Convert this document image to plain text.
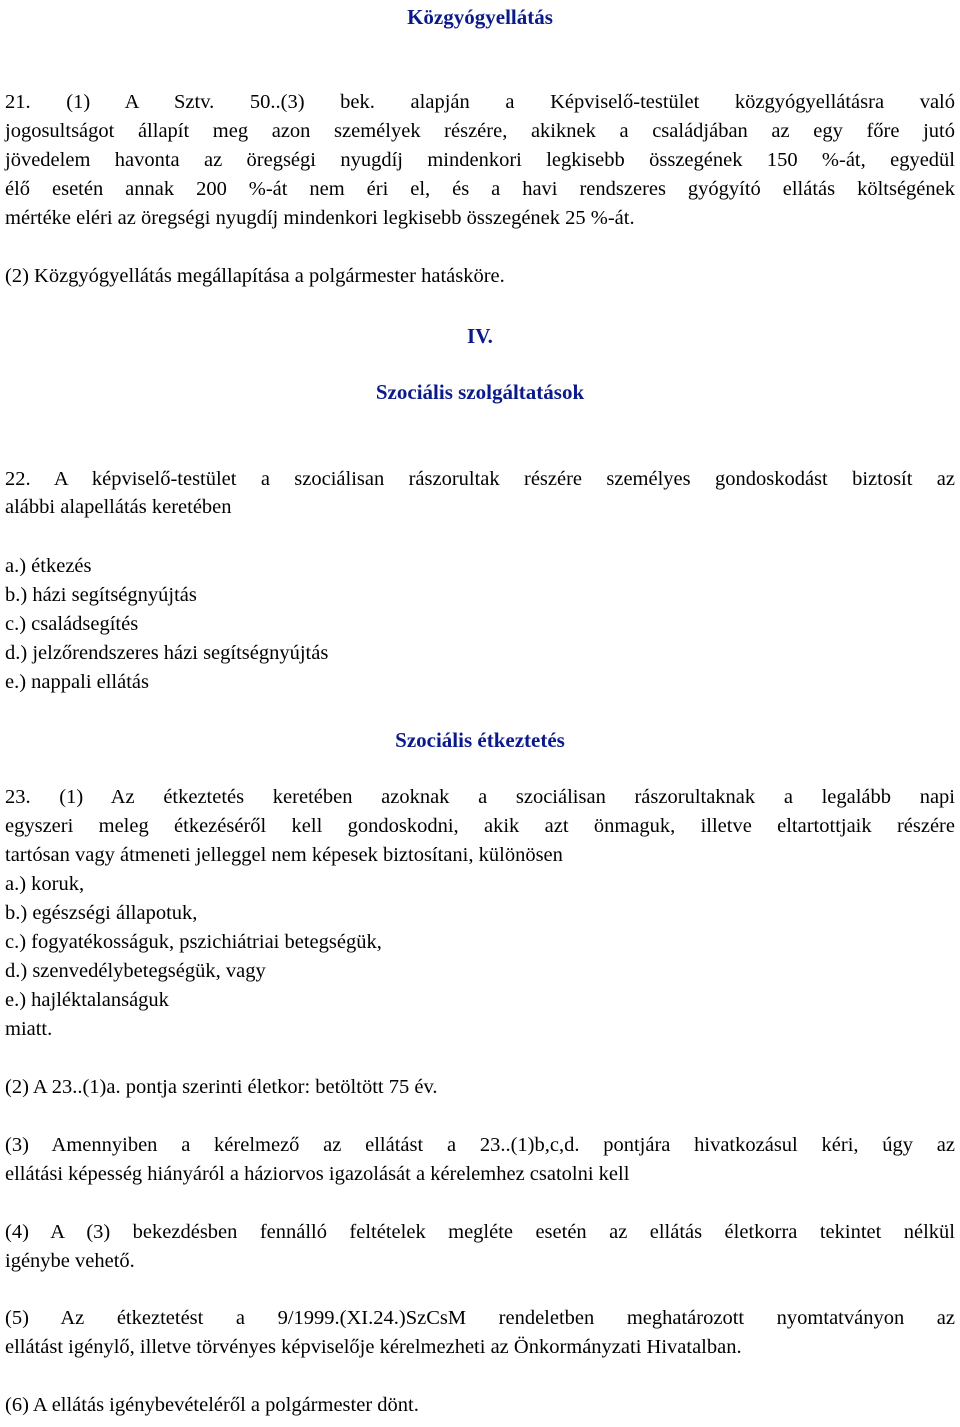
Közgyógyellátás
21. (1) A Sztv. 50..(3) bek. alapján a Képviselő-testület közgyógyellátásra való
jogosultságot állapít meg azon személyek részére, akiknek a családjában az egy főre jutó
jövedelem havonta az öregségi nyugdíj mindenkori legkisebb összegének 150 %-át, egyedül
élő esetén annak 200 %-át nem éri el, és a havi rendszeres gyógyító ellátás költségének
mértéke eléri az öregségi nyugdíj mindenkori legkisebb összegének 25 %-át.
(2) Közgyógyellátás megállapítása a polgármester hatásköre.
IV.
Szociális szolgáltatások
22. A képviselő-testület a szociálisan rászorultak részére személyes gondoskodást biztosít az
alábbi alapellátás keretében
a.) étkezés
b.) házi segítségnyújtás
c.) családsegítés
d.) jelzőrendszeres házi segítségnyújtás
e.) nappali ellátás
Szociális étkeztetés
23. (1) Az étkeztetés keretében azoknak a szociálisan rászorultaknak a legalább napi
egyszeri meleg étkezéséről kell gondoskodni, akik azt önmaguk, illetve eltartottjaik részére
tartósan vagy átmeneti jelleggel nem képesek biztosítani, különösen
a.) koruk,
b.) egészségi állapotuk,
c.) fogyatékosságuk, pszichiátriai betegségük,
d.) szenvedélybetegségük, vagy
e.) hajléktalanságuk
miatt.
(2) A 23..(1)a. pontja szerinti életkor: betöltött 75 év.
(3) Amennyiben a kérelmező az ellátást a 23..(1)b,c,d. pontjára hivatkozásul kéri, úgy az
ellátási képesség hiányáról a háziorvos igazolását a kérelemhez csatolni kell
(4) A (3) bekezdésben fennálló feltételek megléte esetén az ellátás életkorra tekintet nélkül
igénybe vehető.
(5) Az étkeztetést a 9/1999.(XI.24.)SzCsM rendeletben meghatározott nyomtatványon az
ellátást igénylő, illetve törvényes képviselője kérelmezheti az Önkormányzati Hivatalban.
(6) A ellátás igénybevételéről a polgármester dönt.
